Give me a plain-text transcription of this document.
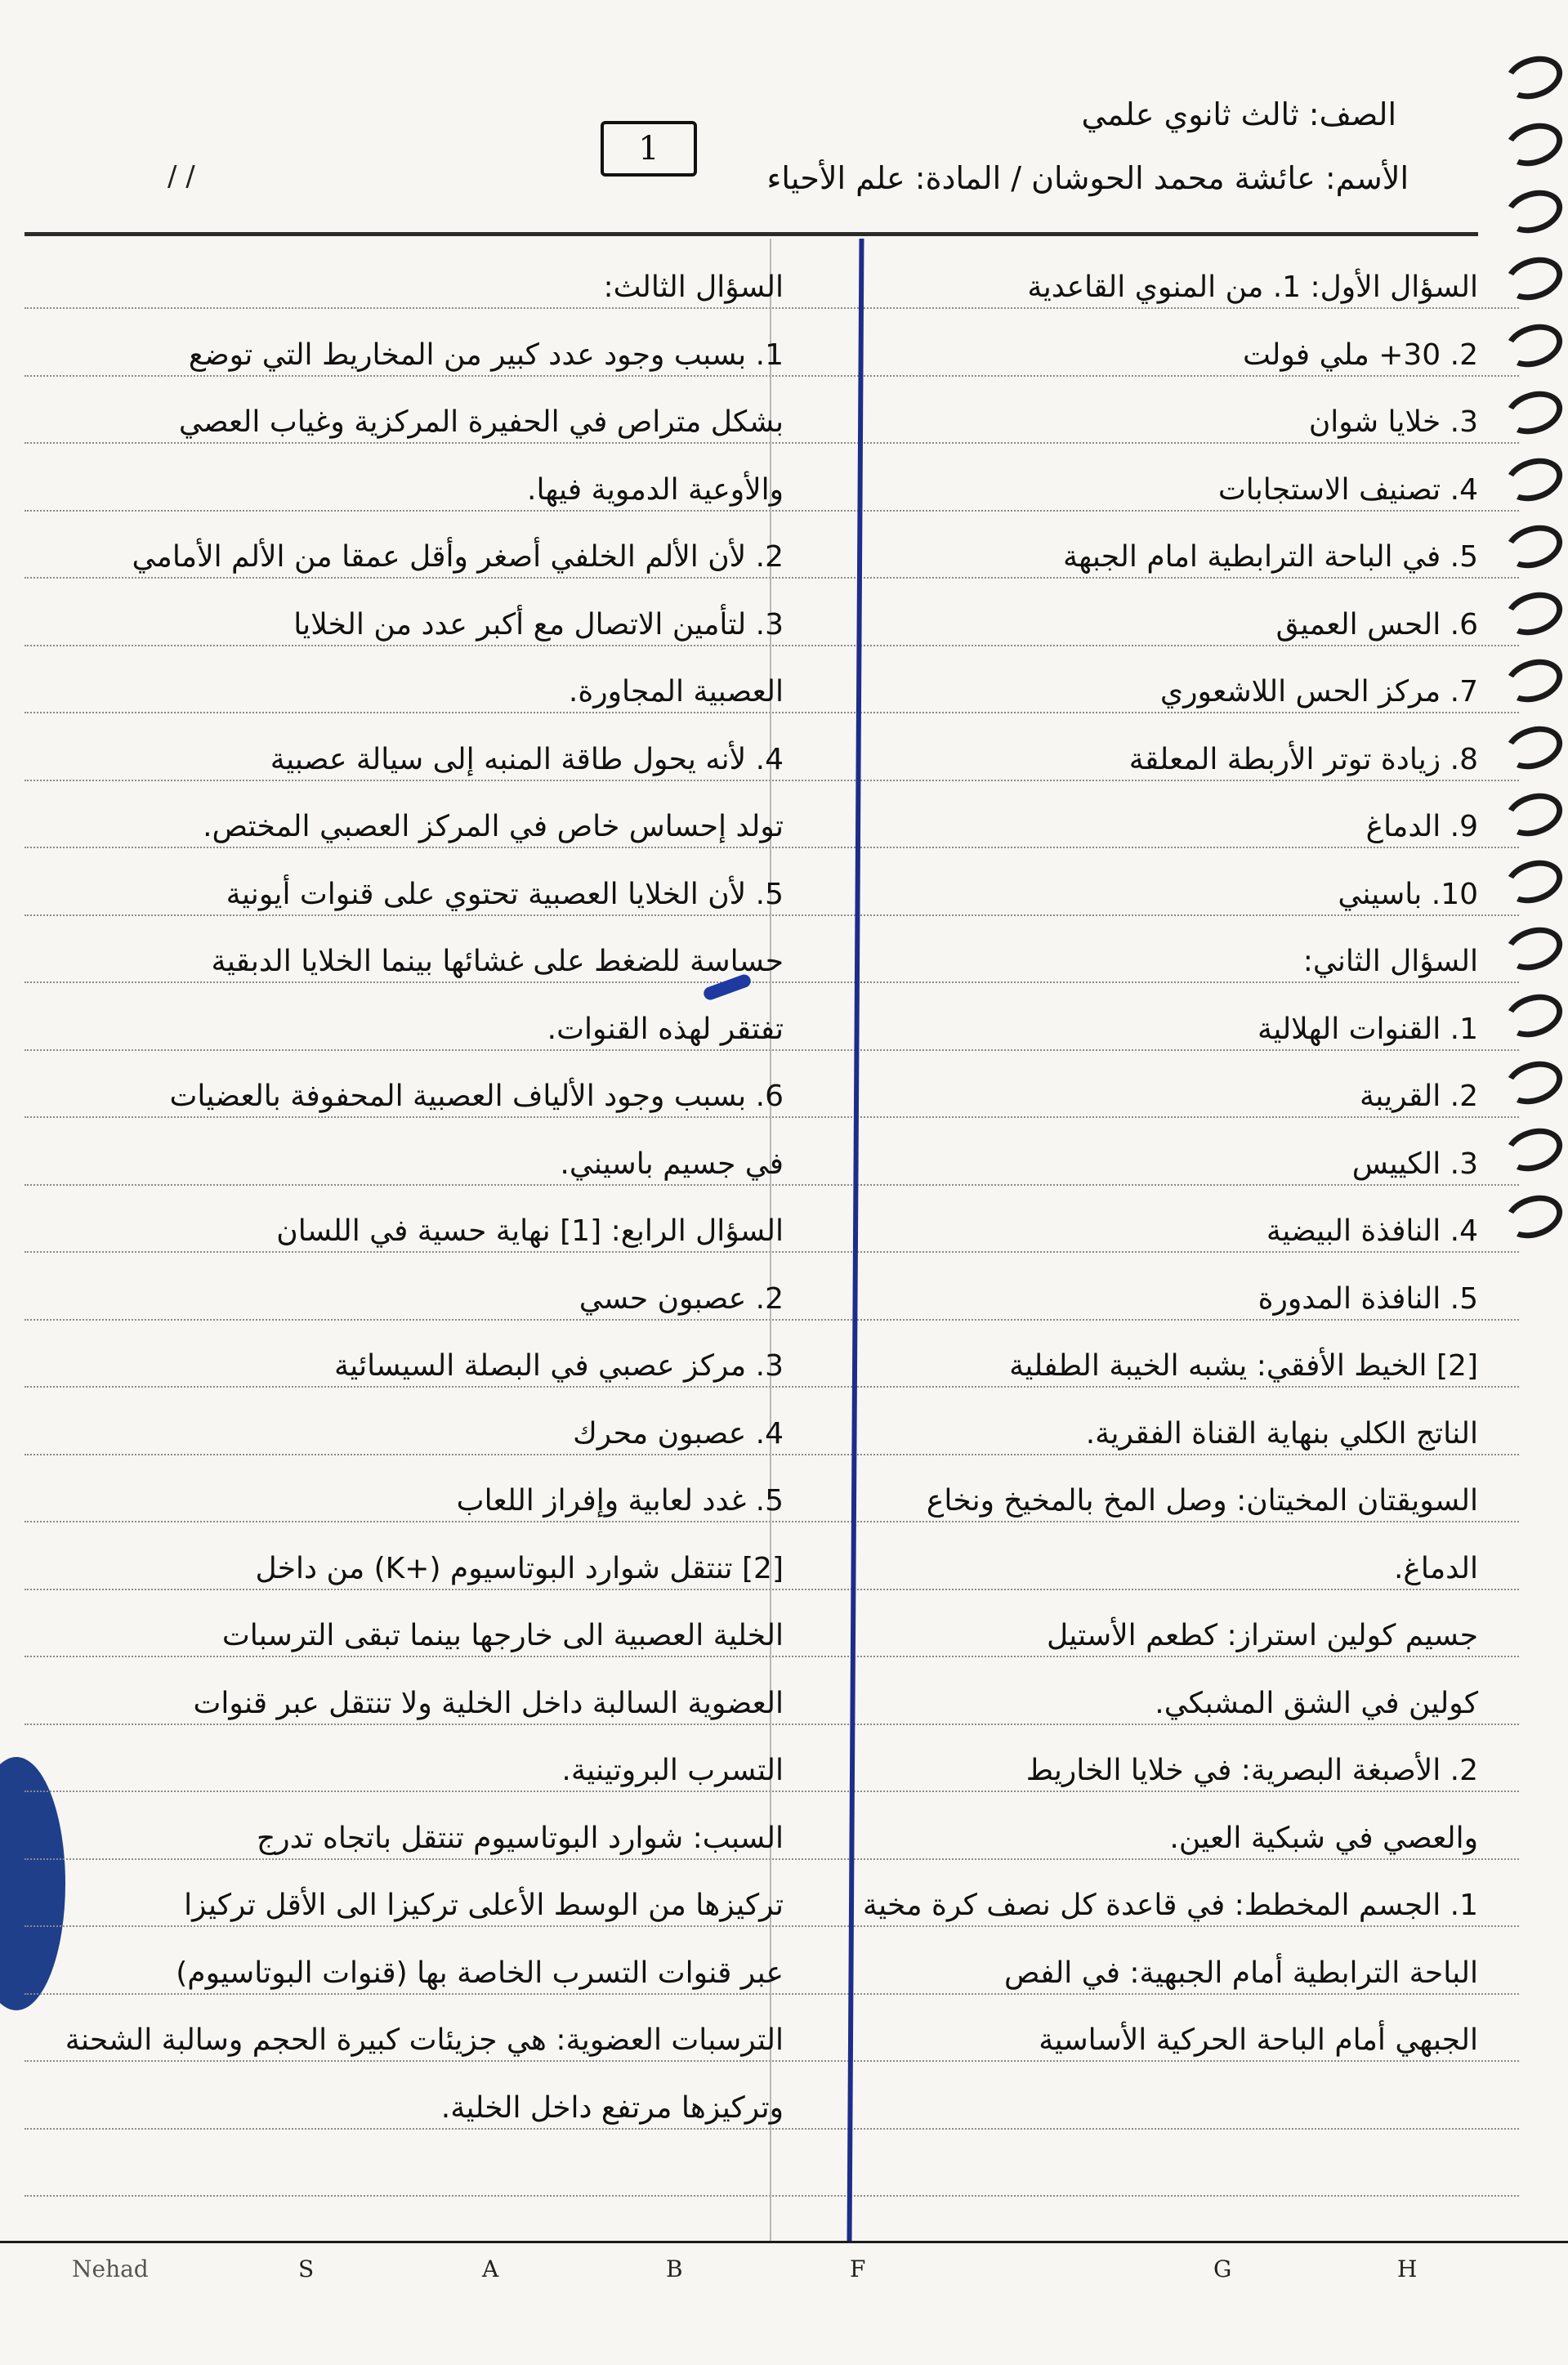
الصف: ثالث ثانوي علمي
الأسم: عائشة محمد الحوشان / المادة: علم الأحياء
1
/ /
السؤال الأول: 1. من المنوي القاعدية
2. 30+ ملي فولت
3. خلايا شوان
4. تصنيف الاستجابات
5. في الباحة الترابطية امام الجبهة
6. الحس العميق
7. مركز الحس اللاشعوري
8. زيادة توتر الأربطة المعلقة
9. الدماغ
10. باسيني
السؤال الثاني:
1. القنوات الهلالية
2. القريبة
3. الكييس
4. النافذة البيضية
5. النافذة المدورة
[2] الخيط الأفقي: يشبه الخيبة الطفلية
الناتج الكلي بنهاية القناة الفقرية.
السويقتان المخيتان: وصل المخ بالمخيخ ونخاع
الدماغ.
جسيم كولين استراز: كطعم الأستيل
كولين في الشق المشبكي.
2. الأصبغة البصرية: في خلايا الخاريط
والعصي في شبكية العين.
1. الجسم المخطط: في قاعدة كل نصف كرة مخية
الباحة الترابطية أمام الجبهية: في الفص
الجبهي أمام الباحة الحركية الأساسية
السؤال الثالث:
1. بسبب وجود عدد كبير من المخاريط التي توضع
بشكل متراص في الحفيرة المركزية وغياب العصي
والأوعية الدموية فيها.
2. لأن الألم الخلفي أصغر وأقل عمقا من الألم الأمامي
3. لتأمين الاتصال مع أكبر عدد من الخلايا
العصبية المجاورة.
4. لأنه يحول طاقة المنبه إلى سيالة عصبية
تولد إحساس خاص في المركز العصبي المختص.
5. لأن الخلايا العصبية تحتوي على قنوات أيونية
حساسة للضغط على غشائها بينما الخلايا الدبقية
تفتقر لهذه القنوات.
6. بسبب وجود الألياف العصبية المحفوفة بالعضيات
في جسيم باسيني.
السؤال الرابع: [1] نهاية حسية في اللسان
2. عصبون حسي
3. مركز عصبي في البصلة السيسائية
4. عصبون محرك
5. غدد لعابية وإفراز اللعاب
[2] تنتقل شوارد البوتاسيوم (+K) من داخل
الخلية العصبية الى خارجها بينما تبقى الترسبات
العضوية السالبة داخل الخلية ولا تنتقل عبر قنوات
التسرب البروتينية.
السبب: شوارد البوتاسيوم تنتقل باتجاه تدرج
تركيزها من الوسط الأعلى تركيزا الى الأقل تركيزا
عبر قنوات التسرب الخاصة بها (قنوات البوتاسيوم)
الترسبات العضوية: هي جزيئات كبيرة الحجم وسالبة الشحنة
وتركيزها مرتفع داخل الخلية.
Nehad	S	A	B	F	G	H
